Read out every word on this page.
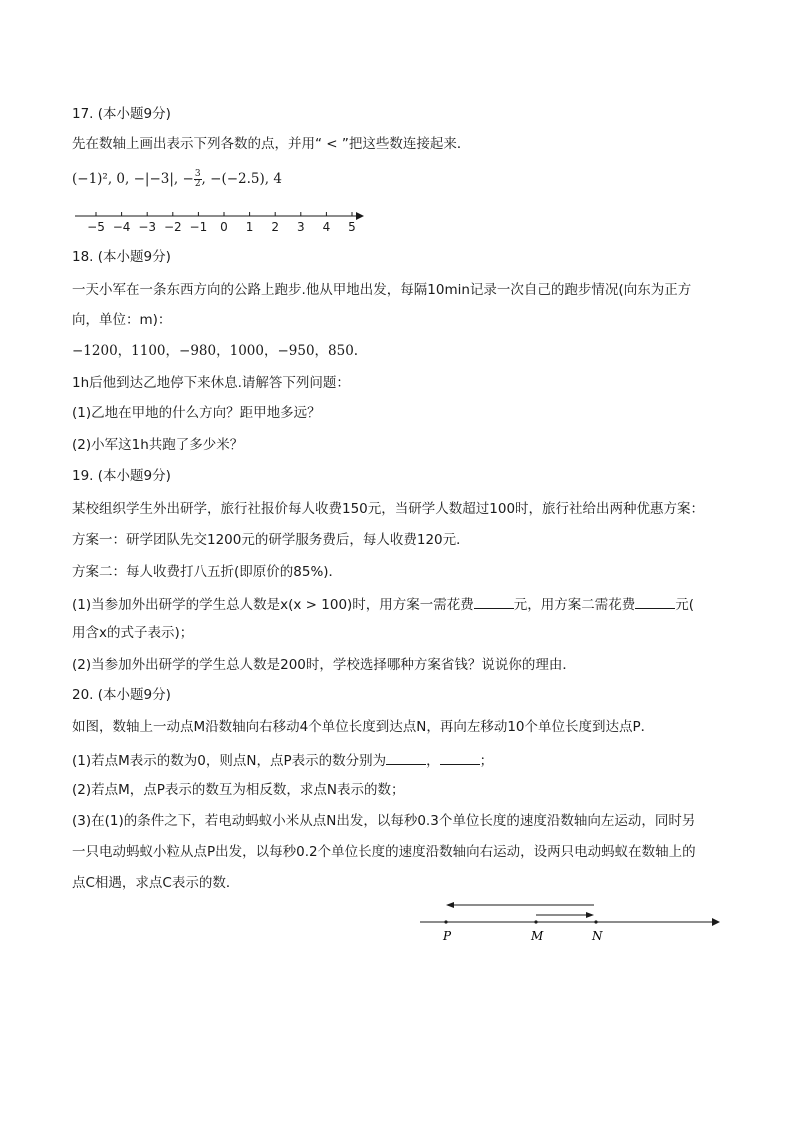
17. (本小题9分)
先在数轴上画出表示下列各数的点，并用“ < ”把这些数连接起来．
(−1)², 0, −|−3|, − $\frac{3}{2}$ , −(−2.5), 4
−5 −4 −3 −2 −1 0 1 2 3 4 5
18. (本小题9分)
一天小军在一条东西方向的公路上跑步.他从甲地出发，每隔10min记录一次自己的跑步情况(向东为正方
向，单位：m)：
−1200，1100，−980，1000，−950，850.
1h后他到达乙地停下来休息.请解答下列问题：
(1)乙地在甲地的什么方向？距甲地多远？
(2)小军这1h共跑了多少米？
19. (本小题9分)
某校组织学生外出研学，旅行社报价每人收费150元，当研学人数超过100时，旅行社给出两种优惠方案：
方案一：研学团队先交1200元的研学服务费后，每人收费120元．
方案二：每人收费打八五折(即原价的85%)．
(1)当参加外出研学的学生总人数是x(x > 100)时，用方案一需花费	元，用方案二需花费	元(
用含x的式子表示)；
(2)当参加外出研学的学生总人数是200时，学校选择哪种方案省钱？说说你的理由．
20. (本小题9分)
如图，数轴上一动点M沿数轴向右移动4个单位长度到达点N，再向左移动10个单位长度到达点P．
(1)若点M表示的数为0，则点N，点P表示的数分别为	，	；
(2)若点M，点P表示的数互为相反数，求点N表示的数；
(3)在(1)的条件之下，若电动蚂蚁小米从点N出发，以每秒0.3个单位长度的速度沿数轴向左运动，同时另
一只电动蚂蚁小粒从点P出发，以每秒0.2个单位长度的速度沿数轴向右运动，设两只电动蚂蚁在数轴上的
点C相遇，求点C表示的数．
P	M	N
